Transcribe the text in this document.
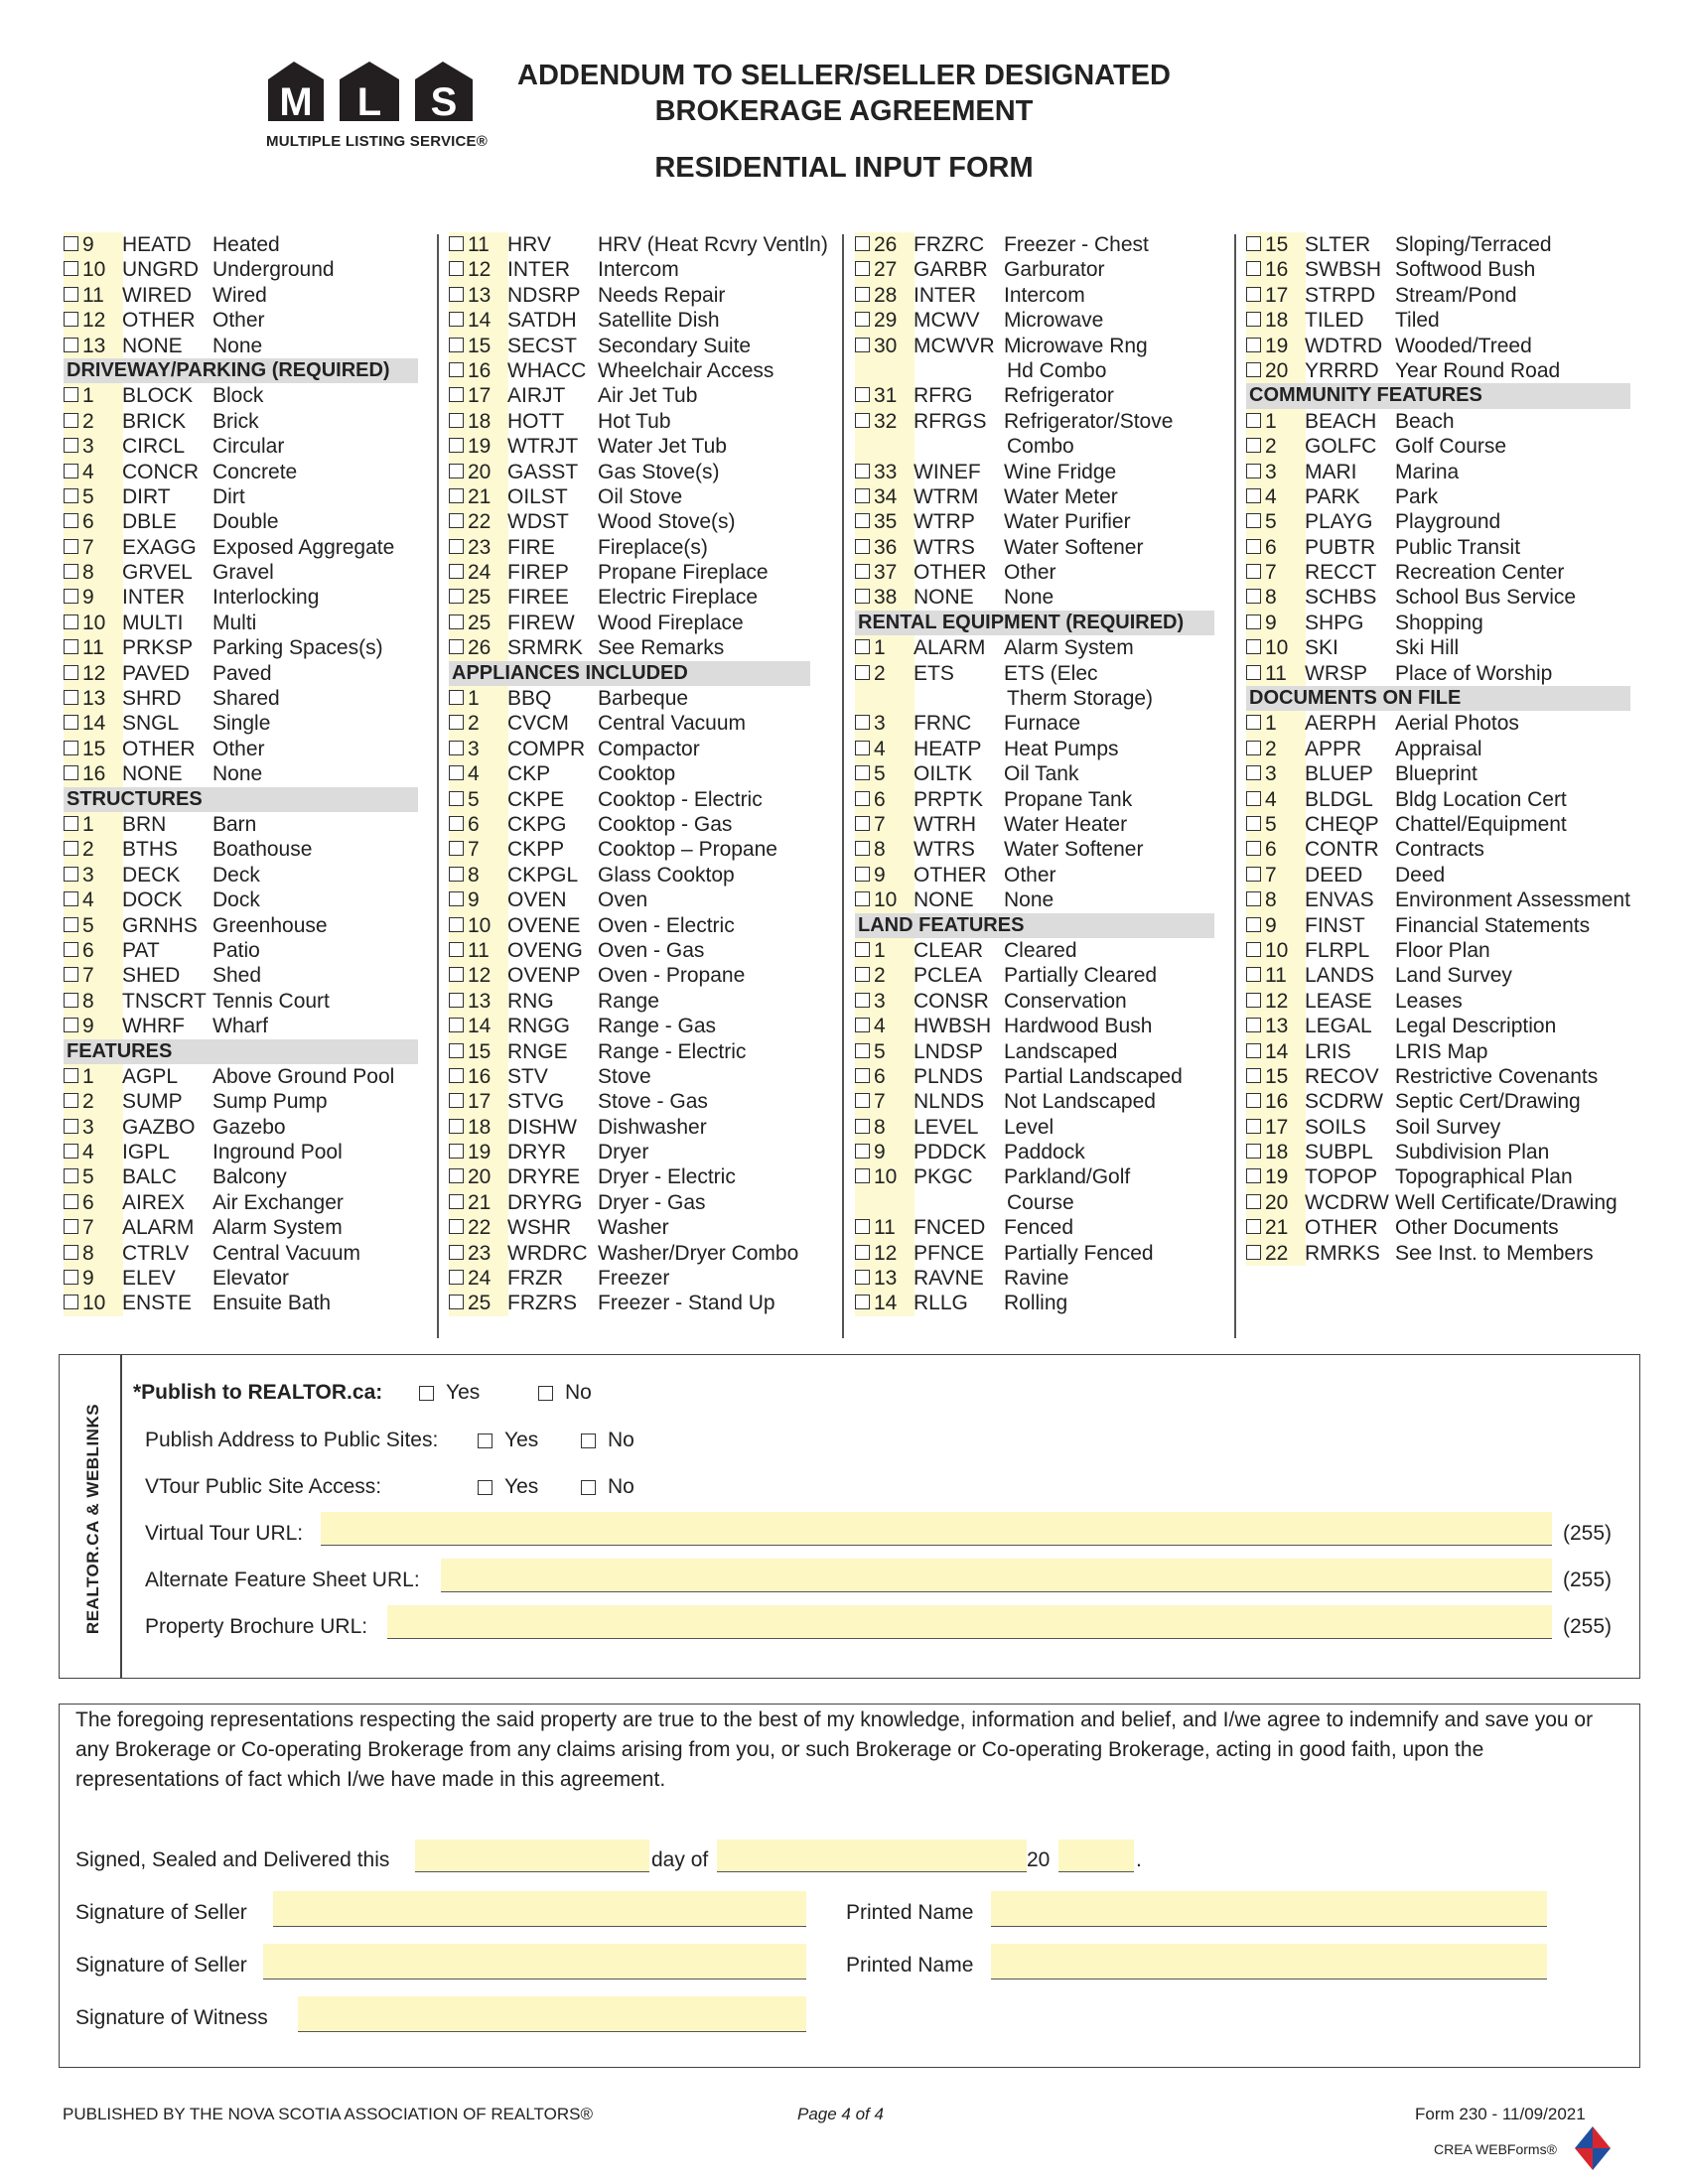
M L S
MULTIPLE LISTING SERVICE®
ADDENDUM TO SELLER/SELLER DESIGNATED
BROKERAGE AGREEMENT
RESIDENTIAL INPUT FORM
9	HEATD	Heated
10 UNGRD Underground
11 WIRED	Wired
12 OTHER Other
13 NONE	None
DRIVEWAY/PARKING (REQUIRED)
1	BLOCK Block
2	BRICK	Brick
3	CIRCL	Circular
4	CONCR Concrete
5	DIRT	Dirt
6	DBLE	Double
7	EXAGG Exposed Aggregate
8	GRVEL Gravel
9	INTER	Interlocking
10 MULTI	Multi
11 PRKSP Parking Spaces(s)
12 PAVED	Paved
13 SHRD	Shared
14 SNGL	Single
15 OTHER Other
16 NONE	None
STRUCTURES
1	BRN	Barn
2	BTHS	Boathouse
3	DECK	Deck
4	DOCK	Dock
5	GRNHS Greenhouse
6	PAT	Patio
7	SHED	Shed
8	TNSCRT Tennis Court
9	WHRF	Wharf
FEATURES
1	AGPL	Above Ground Pool
2	SUMP	Sump Pump
3	GAZBO Gazebo
4	IGPL	Inground Pool
5	BALC	Balcony
6	AIREX	Air Exchanger
7	ALARM Alarm System
8	CTRLV	Central Vacuum
9	ELEV	Elevator
10 ENSTE Ensuite Bath
11 HRV	HRV (Heat Rcvry Ventln)
12 INTER	Intercom
13 NDSRP Needs Repair
14 SATDH	Satellite Dish
15 SECST Secondary Suite
16 WHACC Wheelchair Access
17 AIRJT	Air Jet Tub
18 HOTT	Hot Tub
19 WTRJT Water Jet Tub
20 GASST Gas Stove(s)
21 OILST	Oil Stove
22 WDST	Wood Stove(s)
23 FIRE	Fireplace(s)
24 FIREP	Propane Fireplace
25 FIREE	Electric Fireplace
25 FIREW	Wood Fireplace
26 SRMRK See Remarks
APPLIANCES INCLUDED
1	BBQ	Barbeque
2	CVCM	Central Vacuum
3	COMPR Compactor
4	CKP	Cooktop
5	CKPE	Cooktop - Electric
6	CKPG	Cooktop - Gas
7	CKPP	Cooktop – Propane
8	CKPGL Glass Cooktop
9	OVEN	Oven
10 OVENE Oven - Electric
11 OVENG Oven - Gas
12 OVENP Oven - Propane
13 RNG	Range
14 RNGG	Range - Gas
15 RNGE	Range - Electric
16 STV	Stove
17 STVG	Stove - Gas
18 DISHW	Dishwasher
19 DRYR	Dryer
20 DRYRE Dryer - Electric
21 DRYRG Dryer - Gas
22 WSHR	Washer
23 WRDRC Washer/Dryer Combo
24 FRZR	Freezer
25 FRZRS	Freezer - Stand Up
26 FRZRC Freezer - Chest
27 GARBR Garburator
28 INTER	Intercom
29 MCWV	Microwave
30 MCWVR Microwave Rng
Hd Combo
31 RFRG	Refrigerator
32 RFRGS Refrigerator/Stove
Combo
33 WINEF	Wine Fridge
34 WTRM	Water Meter
35 WTRP	Water Purifier
36 WTRS	Water Softener
37 OTHER Other
38 NONE	None
RENTAL EQUIPMENT (REQUIRED)
1	ALARM Alarm System
2	ETS	ETS (Elec
Therm Storage)
3	FRNC	Furnace
4	HEATP	Heat Pumps
5	OILTK	Oil Tank
6	PRPTK Propane Tank
7	WTRH	Water Heater
8	WTRS	Water Softener
9	OTHER Other
10 NONE	None
LAND FEATURES
1	CLEAR Cleared
2	PCLEA	Partially Cleared
3	CONSR Conservation
4	HWBSH Hardwood Bush
5	LNDSP Landscaped
6	PLNDS Partial Landscaped
7	NLNDS Not Landscaped
8	LEVEL	Level
9	PDDCK Paddock
10 PKGC	Parkland/Golf
Course
11 FNCED Fenced
12 PFNCE Partially Fenced
13 RAVNE Ravine
14 RLLG	Rolling
15 SLTER	Sloping/Terraced
16 SWBSH Softwood Bush
17 STRPD Stream/Pond
18 TILED	Tiled
19 WDTRD Wooded/Treed
20 YRRRD Year Round Road
COMMUNITY FEATURES
1	BEACH Beach
2	GOLFC Golf Course
3	MARI	Marina
4	PARK	Park
5	PLAYG	Playground
6	PUBTR Public Transit
7	RECCT Recreation Center
8	SCHBS School Bus Service
9	SHPG	Shopping
10 SKI	Ski Hill
11 WRSP	Place of Worship
DOCUMENTS ON FILE
1	AERPH Aerial Photos
2	APPR	Appraisal
3	BLUEP	Blueprint
4	BLDGL	Bldg Location Cert
5	CHEQP Chattel/Equipment
6	CONTR Contracts
7	DEED	Deed
8	ENVAS	Environment Assessment
9	FINST	Financial Statements
10 FLRPL	Floor Plan
11 LANDS Land Survey
12 LEASE	Leases
13 LEGAL	Legal Description
14 LRIS	LRIS Map
15 RECOV Restrictive Covenants
16 SCDRW Septic Cert/Drawing
17 SOILS	Soil Survey
18 SUBPL	Subdivision Plan
19 TOPOP Topographical Plan
20 WCDRW Well Certificate/Drawing
21 OTHER Other Documents
22 RMRKS See Inst. to Members
REALTOR.CA & WEBLINKS
*Publish to REALTOR.ca:	Yes	No
Publish Address to Public Sites:	Yes	No
VTour Public Site Access:	Yes	No
Virtual Tour URL:	(255)
Alternate Feature Sheet URL:	(255)
Property Brochure URL:	(255)
The foregoing representations respecting the said property are true to the best of my knowledge, information and belief, and I/we agree to indemnify and save you or any Brokerage or Co-operating Brokerage from any claims arising from you, or such Brokerage or Co-operating Brokerage, acting in good faith, upon the representations of fact which I/we have made in this agreement.
Signed, Sealed and Delivered this	day of	20	.
Signature of Seller	Printed Name
Signature of Seller	Printed Name
Signature of Witness
PUBLISHED BY THE NOVA SCOTIA ASSOCIATION OF REALTORS®	Page 4 of 4	Form 230 - 11/09/2021
CREA WEBForms®
